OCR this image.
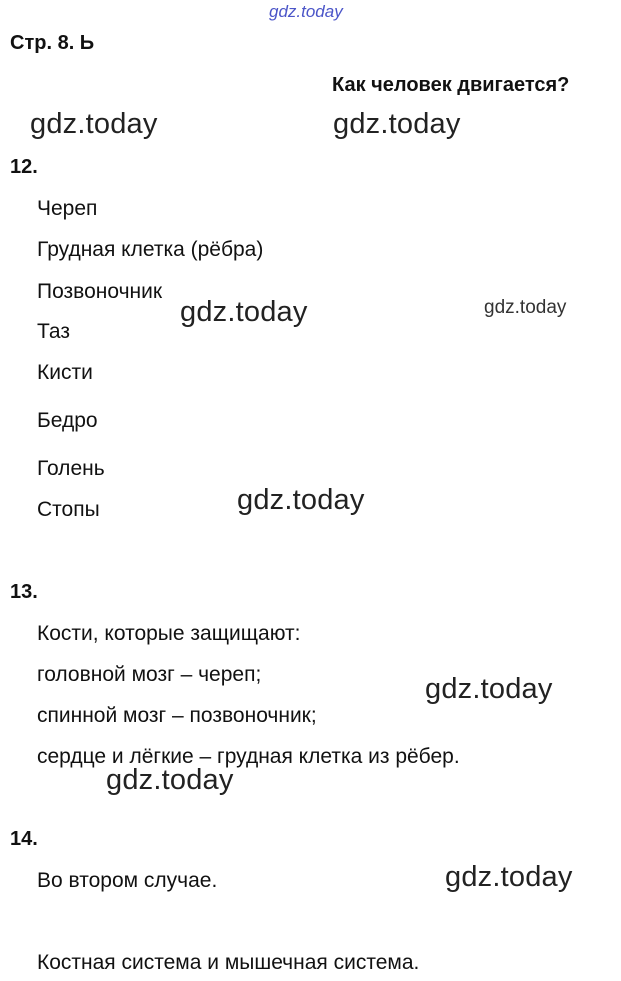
gdz.today
Стр. 8. Ь
Как человек двигается?
gdz.today	gdz.today
gdz.today	gdz.today
gdz.today
gdz.today
gdz.today
gdz.today
12.
Череп
Грудная клетка (рёбра)
Позвоночник
Таз
Кисти
Бедро
Голень
Стопы
13.
Кости, которые защищают:
головной мозг – череп;
спинной мозг – позвоночник;
сердце и лёгкие – грудная клетка из рёбер.
14.
Во втором случае.
Костная система и мышечная система.
